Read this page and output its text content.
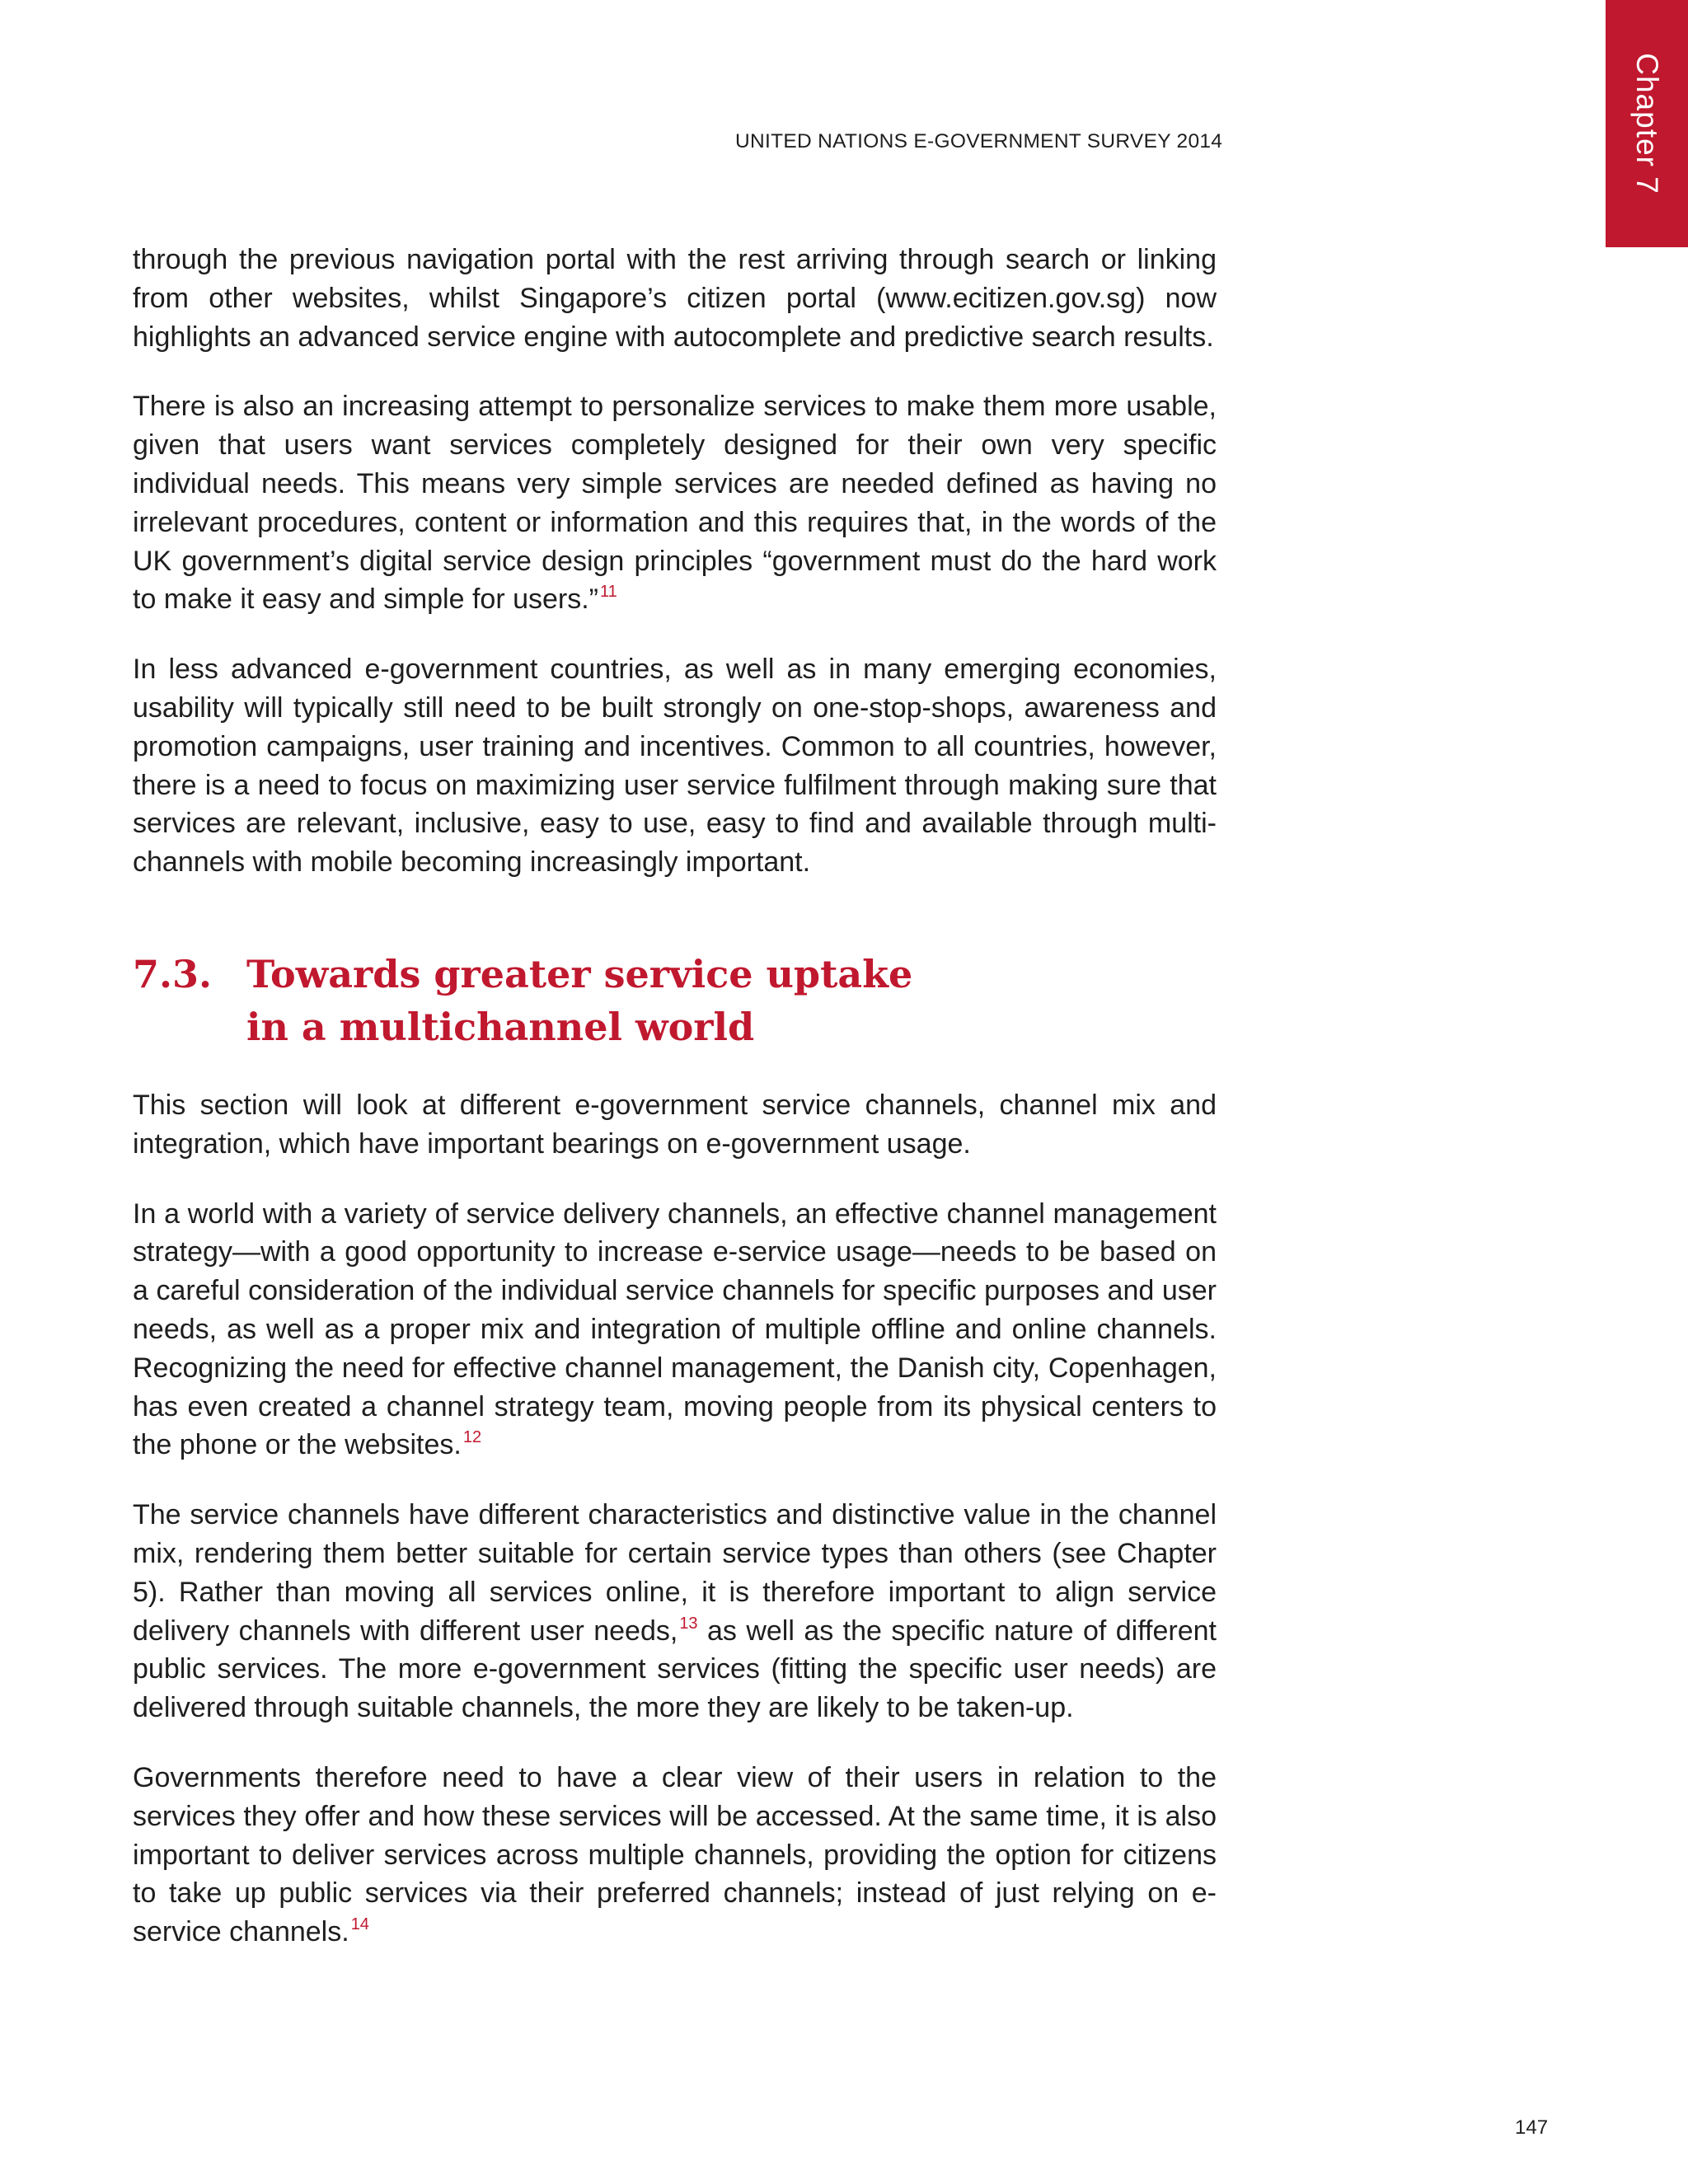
UNITED NATIONS E-GOVERNMENT SURVEY 2014	Chapter 7

through the previous navigation portal with the rest arriving through search or linking from other websites, whilst Singapore’s citizen portal (www.ecitizen.gov.sg) now highlights an advanced service engine with autocomplete and predictive search results.

There is also an increasing attempt to personalize services to make them more usable, given that users want services completely designed for their own very specific individual needs. This means very simple services are needed defined as having no irrelevant procedures, content or information and this requires that, in the words of the UK government’s digital service design principles “government must do the hard work to make it easy and simple for users.” $^{11}$

In less advanced e-government countries, as well as in many emerging economies, usability will typically still need to be built strongly on one-stop-shops, awareness and promotion campaigns, user training and incentives. Common to all countries, however, there is a need to focus on maximizing user service fulfilment through making sure that services are relevant, inclusive, easy to use, easy to find and available through multi-channels with mobile becoming increasingly important.

7.3. Towards greater service uptake
in a multichannel world

This section will look at different e-government service channels, channel mix and integration, which have important bearings on e-government usage.

In a world with a variety of service delivery channels, an effective channel management strategy—with a good opportunity to increase e-service usage—needs to be based on a careful consideration of the individual service channels for specific purposes and user needs, as well as a proper mix and integration of multiple offline and online channels. Recognizing the need for effective channel management, the Danish city, Copenhagen, has even created a channel strategy team, moving people from its physical centers to the phone or the websites. $^{12}$

The service channels have different characteristics and distinctive value in the channel mix, rendering them better suitable for certain service types than others (see Chapter 5). Rather than moving all services online, it is therefore important to align service delivery channels with different user needs, $^{13}$ as well as the specific nature of different public services. The more e-government services (fitting the specific user needs) are delivered through suitable channels, the more they are likely to be taken-up.

Governments therefore need to have a clear view of their users in relation to the services they offer and how these services will be accessed. At the same time, it is also important to deliver services across multiple channels, providing the option for citizens to take up public services via their preferred channels; instead of just relying on e-service channels. $^{14}$

147
